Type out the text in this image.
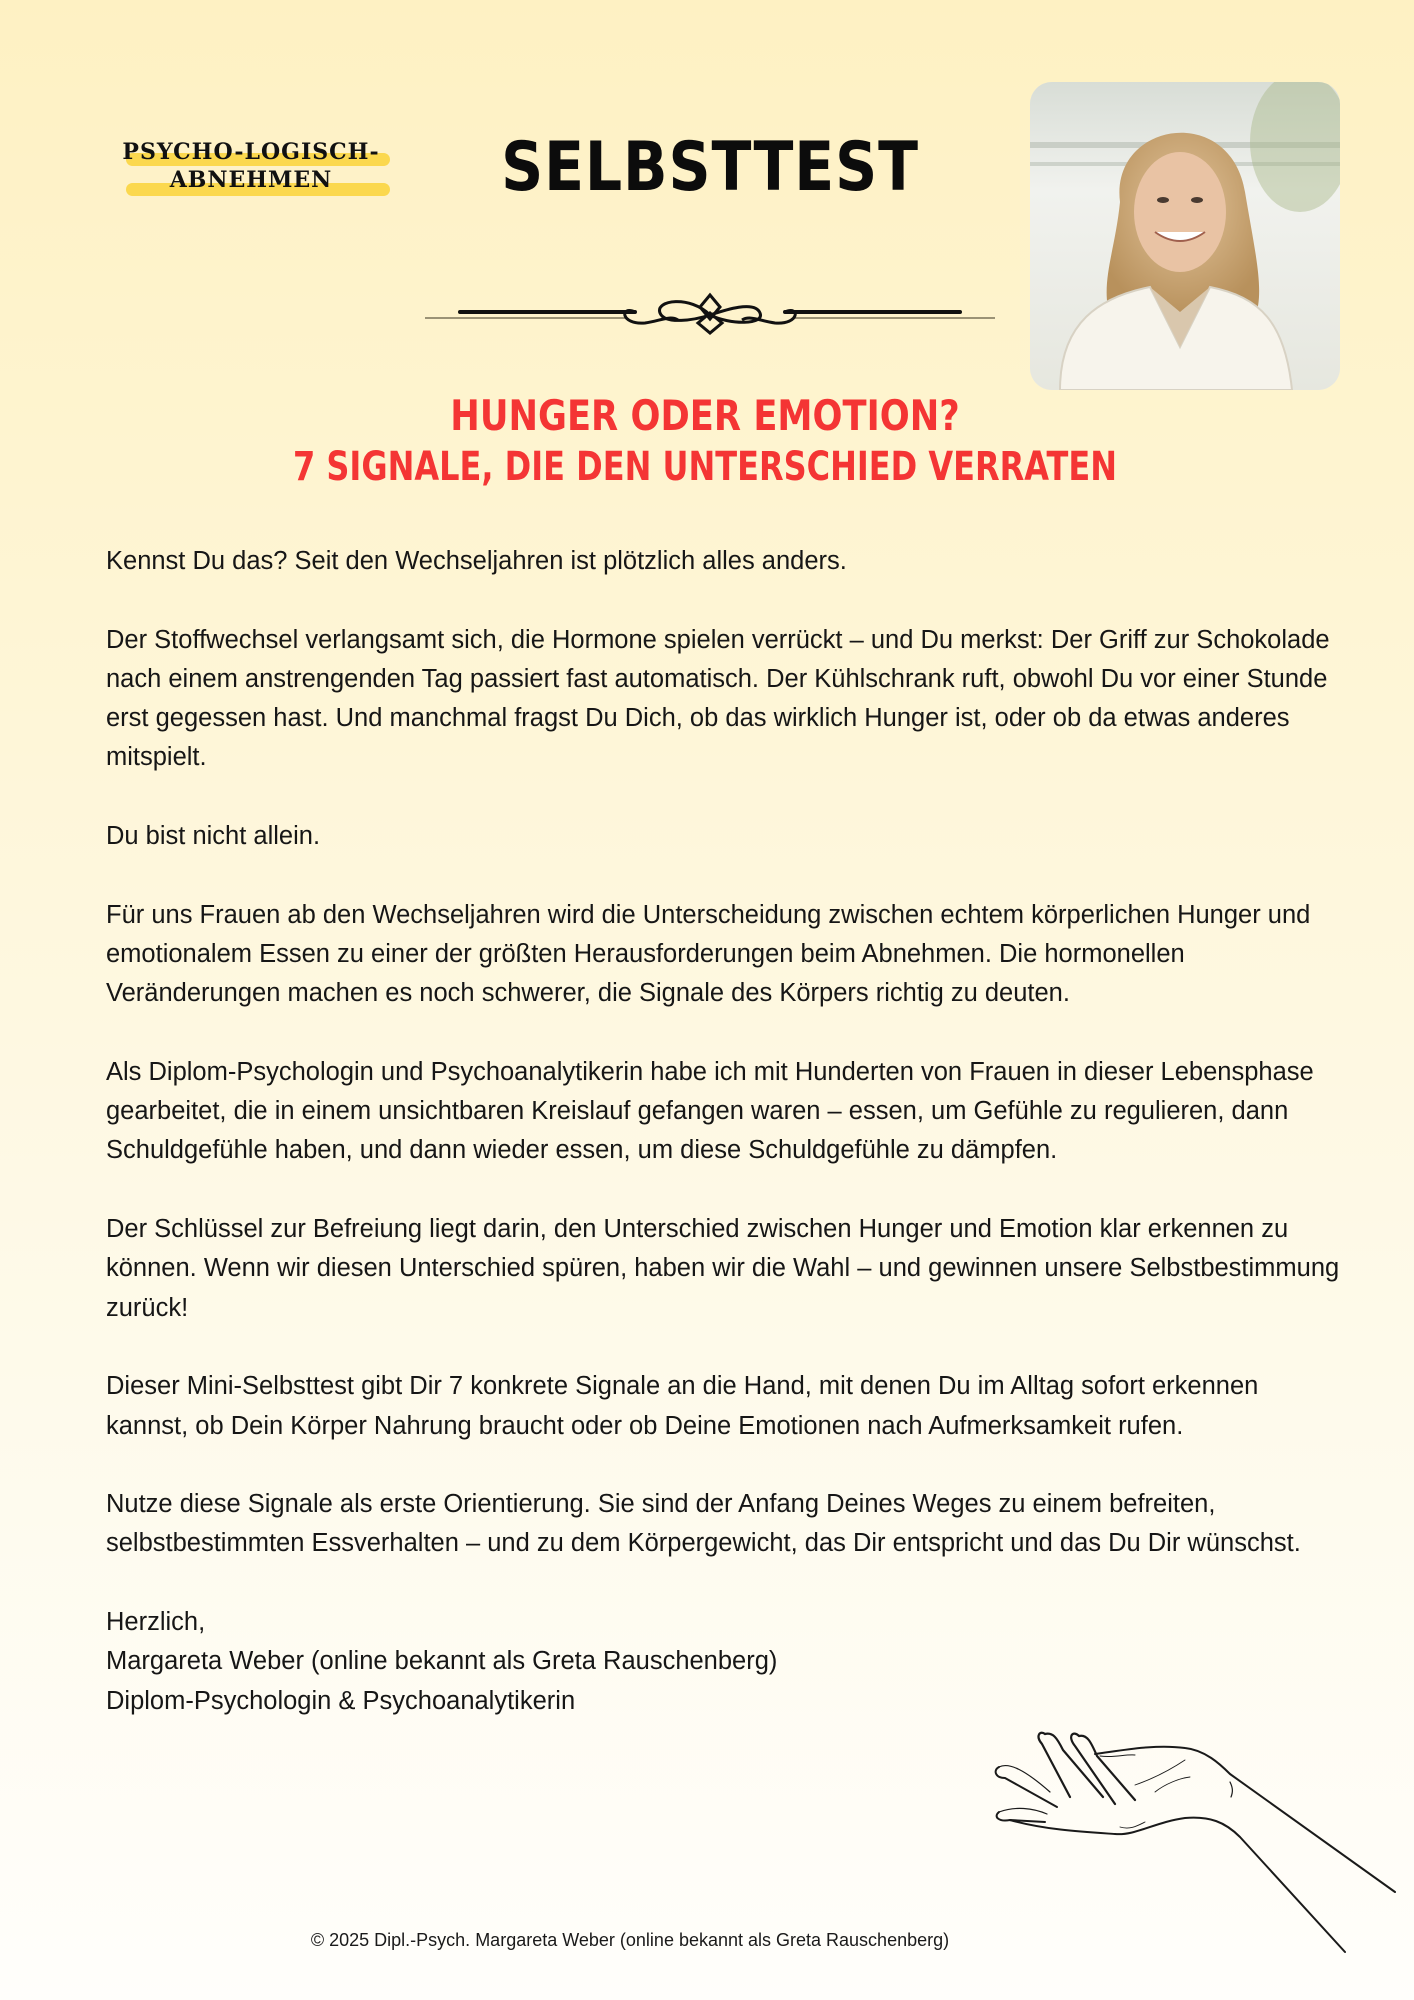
PSYCHO-LOGISCH-
ABNEHMEN	SELBSTTEST
HUNGER ODER EMOTION?
7 SIGNALE, DIE DEN UNTERSCHIED VERRATEN

Kennst Du das? Seit den Wechseljahren ist plötzlich alles anders.

Der Stoffwechsel verlangsamt sich, die Hormone spielen verrückt – und Du merkst: Der Griff zur Schokolade nach einem anstrengenden Tag passiert fast automatisch. Der Kühlschrank ruft, obwohl Du vor einer Stunde erst gegessen hast. Und manchmal fragst Du Dich, ob das wirklich Hunger ist, oder ob da etwas anderes mitspielt.

Du bist nicht allein.

Für uns Frauen ab den Wechseljahren wird die Unterscheidung zwischen echtem körperlichen Hunger und emotionalem Essen zu einer der größten Herausforderungen beim Abnehmen. Die hormonellen Veränderungen machen es noch schwerer, die Signale des Körpers richtig zu deuten.

Als Diplom-Psychologin und Psychoanalytikerin habe ich mit Hunderten von Frauen in dieser Lebensphase gearbeitet, die in einem unsichtbaren Kreislauf gefangen waren – essen, um Gefühle zu regulieren, dann Schuldgefühle haben, und dann wieder essen, um diese Schuldgefühle zu dämpfen.

Der Schlüssel zur Befreiung liegt darin, den Unterschied zwischen Hunger und Emotion klar erkennen zu können. Wenn wir diesen Unterschied spüren, haben wir die Wahl – und gewinnen unsere Selbstbestimmung zurück!

Dieser Mini-Selbsttest gibt Dir 7 konkrete Signale an die Hand, mit denen Du im Alltag sofort erkennen kannst, ob Dein Körper Nahrung braucht oder ob Deine Emotionen nach Aufmerksamkeit rufen.

Nutze diese Signale als erste Orientierung. Sie sind der Anfang Deines Weges zu einem befreiten, selbstbestimmten Essverhalten – und zu dem Körpergewicht, das Dir entspricht und das Du Dir wünschst.

Herzlich,

Margareta Weber (online bekannt als Greta Rauschenberg)

Diplom-Psychologin & Psychoanalytikerin

© 2025 Dipl.-Psych. Margareta Weber (online bekannt als Greta Rauschenberg)
